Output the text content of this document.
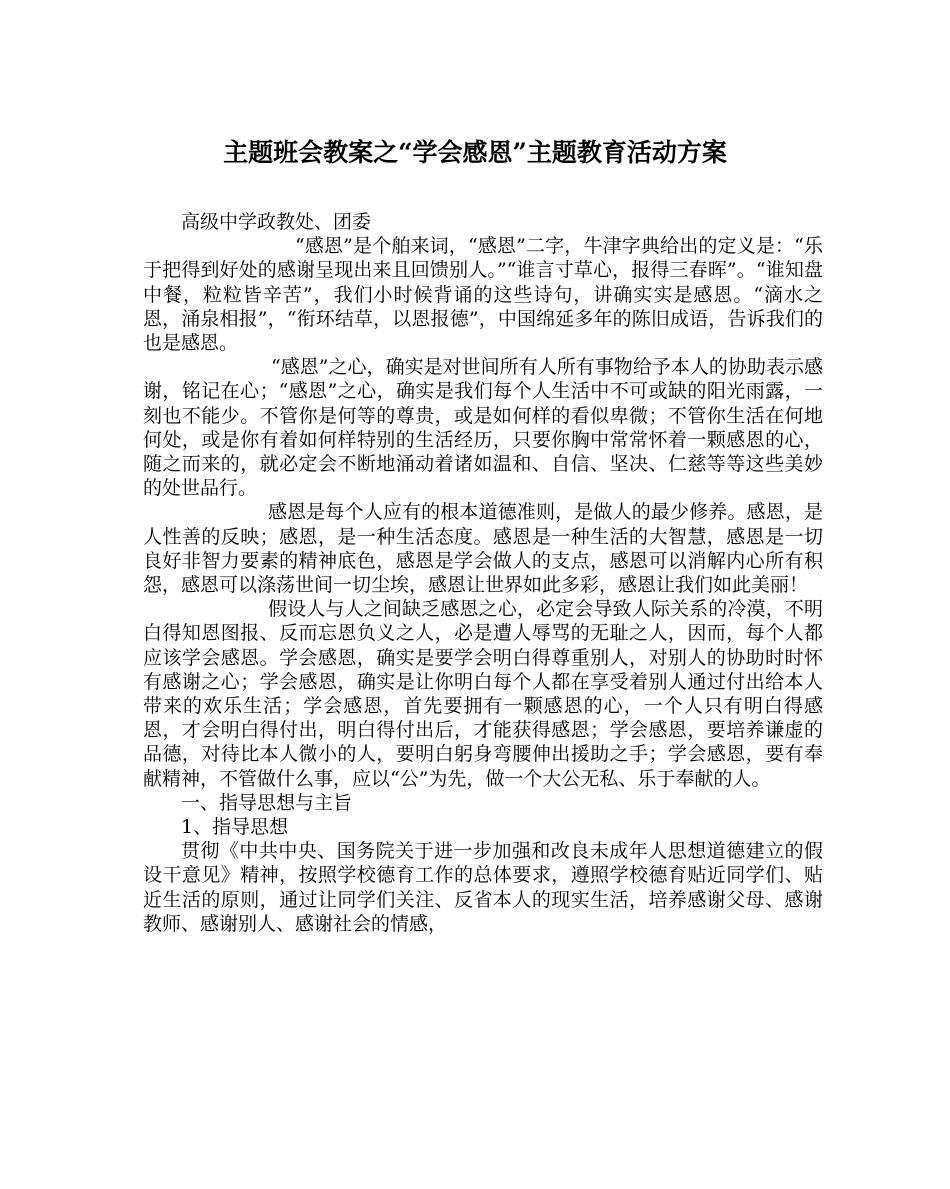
主题班会教案之“学会感恩”主题教育活动方案

高级中学政教处、团委

“感恩”是个舶来词，“感恩”二字，牛津字典给出的定义是：“乐于把得到好处的感谢呈现出来且回馈别人。”“谁言寸草心，报得三春晖”。“谁知盘中餐，粒粒皆辛苦”，我们小时候背诵的这些诗句，讲确实实是感恩。“滴水之恩，涌泉相报”，“衔环结草，以恩报德”，中国绵延多年的陈旧成语，告诉我们的也是感恩。

“感恩”之心，确实是对世间所有人所有事物给予本人的协助表示感谢，铭记在心；“感恩”之心，确实是我们每个人生活中不可或缺的阳光雨露，一刻也不能少。不管你是何等的尊贵，或是如何样的看似卑微；不管你生活在何地何处，或是你有着如何样特别的生活经历，只要你胸中常常怀着一颗感恩的心，随之而来的，就必定会不断地涌动着诸如温和、自信、坚决、仁慈等等这些美妙的处世品行。

感恩是每个人应有的根本道德准则，是做人的最少修养。感恩，是人性善的反映；感恩，是一种生活态度。感恩是一种生活的大智慧，感恩是一切良好非智力要素的精神底色，感恩是学会做人的支点，感恩可以消解内心所有积怨，感恩可以涤荡世间一切尘埃，感恩让世界如此多彩，感恩让我们如此美丽！

假设人与人之间缺乏感恩之心，必定会导致人际关系的冷漠，不明白得知恩图报、反而忘恩负义之人，必是遭人辱骂的无耻之人，因而，每个人都应该学会感恩。学会感恩，确实是要学会明白得尊重别人，对别人的协助时时怀有感谢之心；学会感恩，确实是让你明白每个人都在享受着别人通过付出给本人带来的欢乐生活；学会感恩，首先要拥有一颗感恩的心，一个人只有明白得感恩，才会明白得付出，明白得付出后，才能获得感恩；学会感恩，要培养谦虚的品德，对待比本人微小的人，要明白躬身弯腰伸出援助之手；学会感恩，要有奉献精神，不管做什么事，应以“公”为先，做一个大公无私、乐于奉献的人。

一、指导思想与主旨

1、指导思想

贯彻《中共中央、国务院关于进一步加强和改良未成年人思想道德建立的假设干意见》精神，按照学校德育工作的总体要求，遵照学校德育贴近同学们、贴近生活的原则，通过让同学们关注、反省本人的现实生活，培养感谢父母、感谢教师、感谢别人、感谢社会的情感，
